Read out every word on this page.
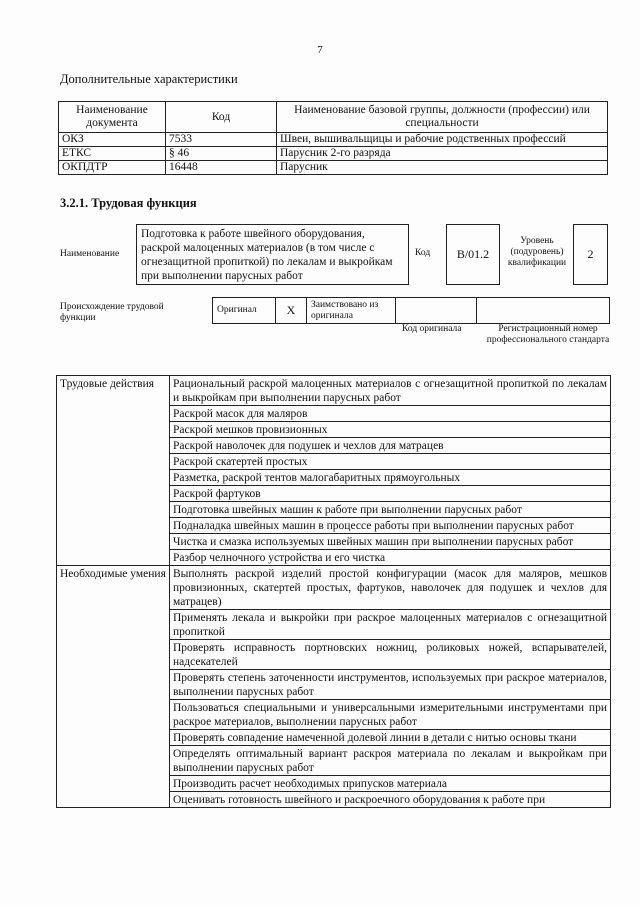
7
Дополнительные характеристики
Наименование документа	Код	Наименование базовой группы, должности (профессии) или специальности
ОКЗ	7533	Швеи, вышивальщицы и рабочие родственных профессий
ЕТКС	§ 46	Парусник 2-го разряда
ОКПДТР	16448	Парусник
3.2.1. Трудовая функция
Наименование
Подготовка к работе швейного оборудования, раскрой малоценных материалов (в том числе с огнезащитной пропиткой) по лекалам и выкройкам при выполнении парусных работ
Код	В/01.2
Уровень (подуровень) квалификации
2
Происхождение трудовой функции
Оригинал	X	Заимствовано из оригинала		
Код оригинала	Регистрационный номер профессионального стандарта
Трудовые действия	Рациональный раскрой малоценных материалов с огнезащитной пропиткой по лекалам и выкройкам при выполнении парусных работ
	Раскрой масок для маляров
	Раскрой мешков провизионных
	Раскрой наволочек для подушек и чехлов для матрацев
	Раскрой скатертей простых
	Разметка, раскрой тентов малогабаритных прямоугольных
	Раскрой фартуков
	Подготовка швейных машин к работе при выполнении парусных работ
	Подналадка швейных машин в процессе работы при выполнении парусных работ
	Чистка и смазка используемых швейных машин при выполнении парусных работ
	Разбор челночного устройства и его чистка
Необходимые умения	Выполнять раскрой изделий простой конфигурации (масок для маляров, мешков провизионных, скатертей простых, фартуков, наволочек для подушек и чехлов для матрацев)
	Применять лекала и выкройки при раскрое малоценных материалов с огнезащитной пропиткой
	Проверять исправность портновских ножниц, роликовых ножей, вспарывателей, надсекателей
	Проверять степень заточенности инструментов, используемых при раскрое материалов, выполнении парусных работ
	Пользоваться специальными и универсальными измерительными инструментами при раскрое материалов, выполнении парусных работ
	Проверять совпадение намеченной долевой линии в детали с нитью основы ткани
	Определять оптимальный вариант раскроя материала по лекалам и выкройкам при выполнении парусных работ
	Производить расчет необходимых припусков материала
	Оценивать готовность швейного и раскроечного оборудования к работе при
